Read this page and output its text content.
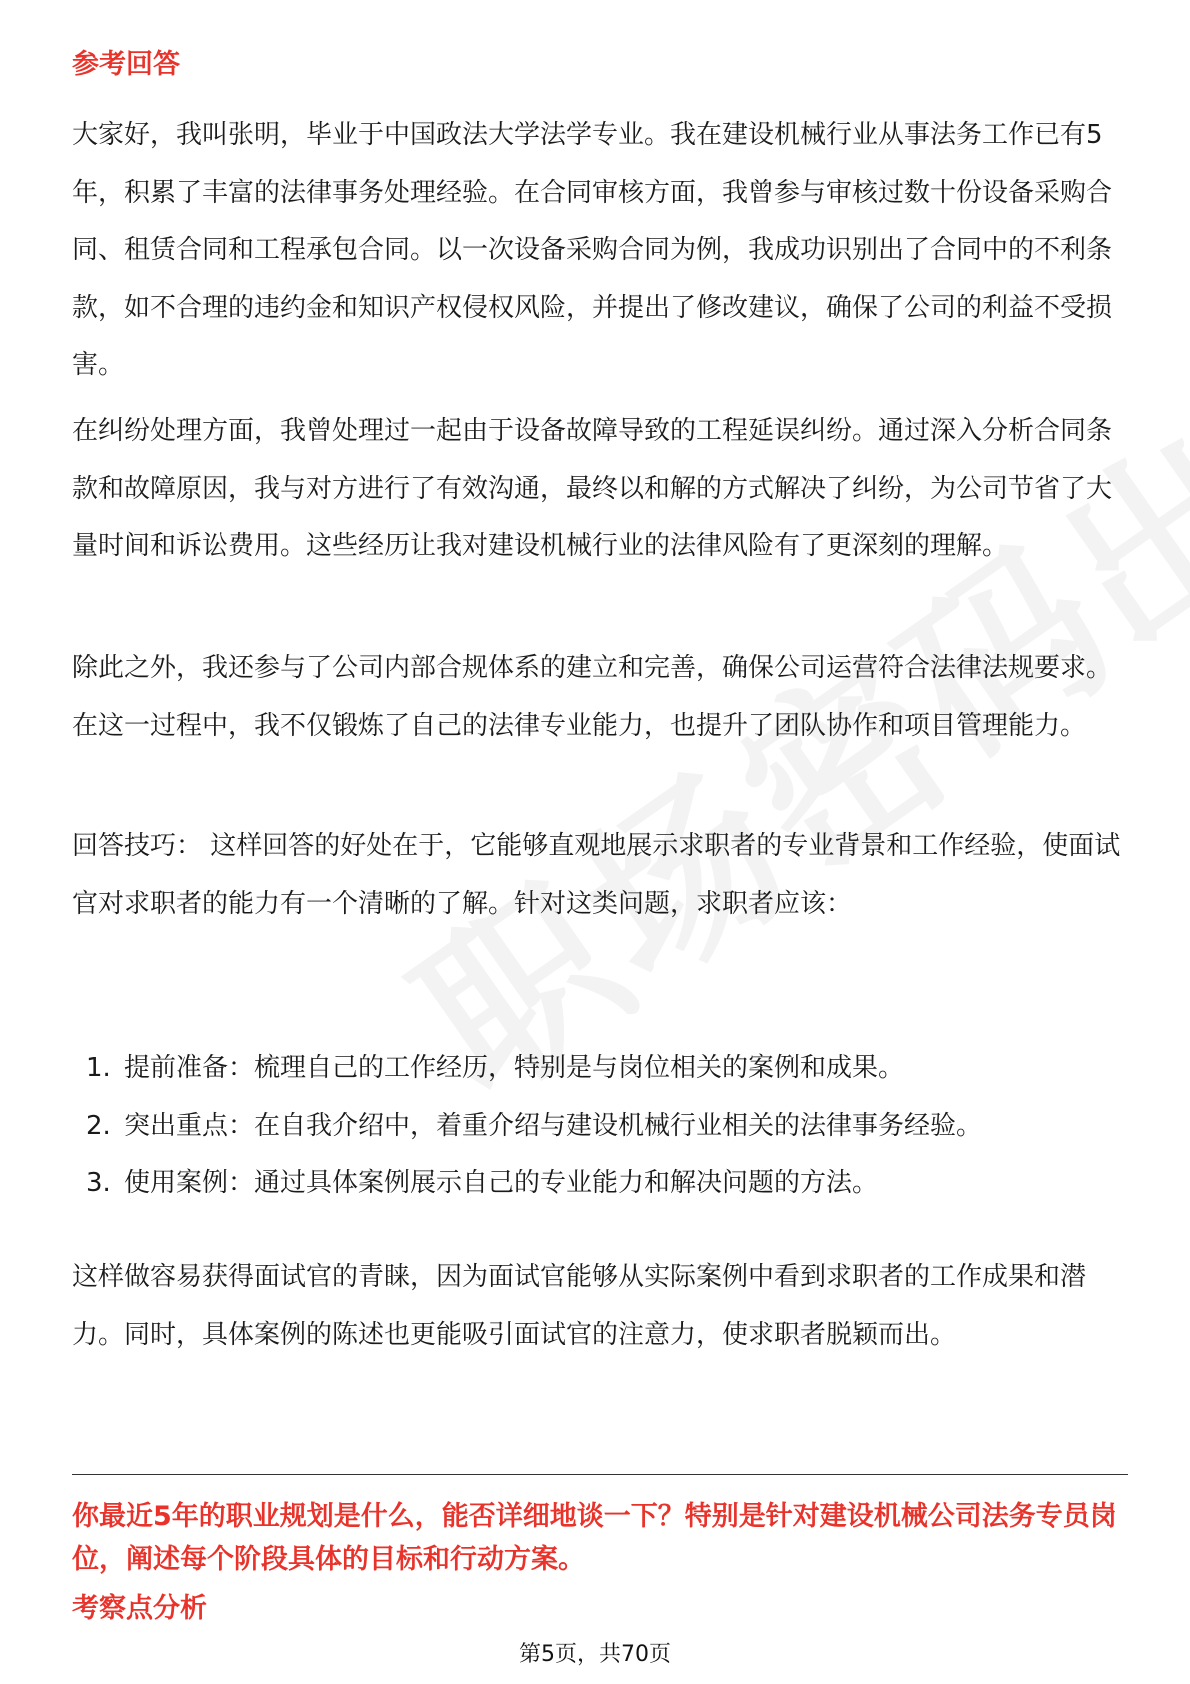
参考回答

大家好，我叫张明，毕业于中国政法大学法学专业。我在建设机械行业从事法务工作已有5年，积累了丰富的法律事务处理经验。在合同审核方面，我曾参与审核过数十份设备采购合同、租赁合同和工程承包合同。以一次设备采购合同为例，我成功识别出了合同中的不利条款，如不合理的违约金和知识产权侵权风险，并提出了修改建议，确保了公司的利益不受损害。

在纠纷处理方面，我曾处理过一起由于设备故障导致的工程延误纠纷。通过深入分析合同条款和故障原因，我与对方进行了有效沟通，最终以和解的方式解决了纠纷，为公司节省了大量时间和诉讼费用。这些经历让我对建设机械行业的法律风险有了更深刻的理解。

除此之外，我还参与了公司内部合规体系的建立和完善，确保公司运营符合法律法规要求。在这一过程中，我不仅锻炼了自己的法律专业能力，也提升了团队协作和项目管理能力。

回答技巧： 这样回答的好处在于，它能够直观地展示求职者的专业背景和工作经验，使面试官对求职者的能力有一个清晰的了解。针对这类问题，求职者应该：

1. 提前准备：梳理自己的工作经历，特别是与岗位相关的案例和成果。
2. 突出重点：在自我介绍中，着重介绍与建设机械行业相关的法律事务经验。
3. 使用案例：通过具体案例展示自己的专业能力和解决问题的方法。

这样做容易获得面试官的青睐，因为面试官能够从实际案例中看到求职者的工作成果和潜力。同时，具体案例的陈述也更能吸引面试官的注意力，使求职者脱颖而出。

你最近5年的职业规划是什么，能否详细地谈一下？特别是针对建设机械公司法务专员岗位，阐述每个阶段具体的目标和行动方案。

考察点分析
第5页，共70页
